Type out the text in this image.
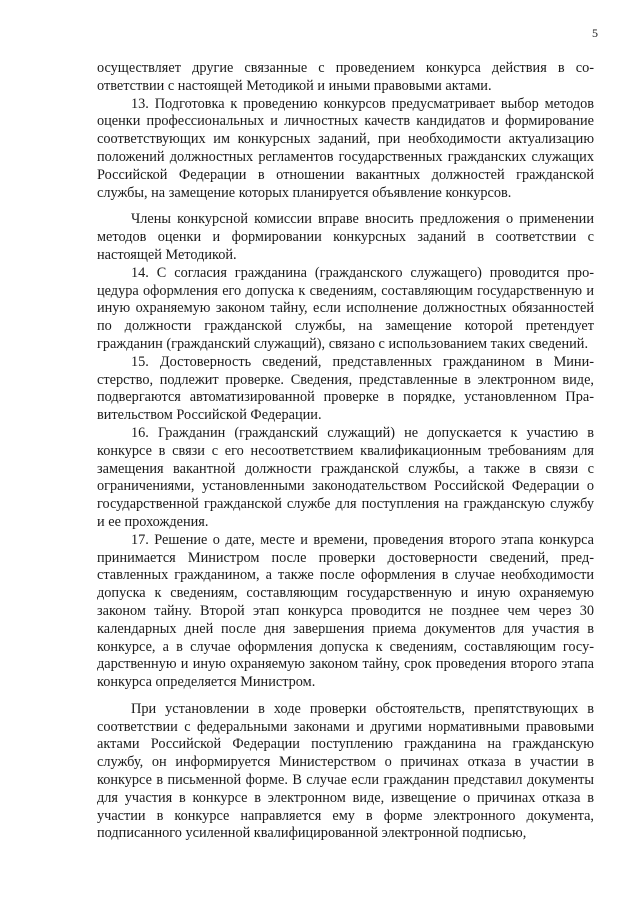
5

осуществляет другие связанные с проведением конкурса действия в соответствии с настоящей Методикой и иными правовыми актами.

13. Подготовка к проведению конкурсов предусматривает выбор методов оценки профессиональных и личностных качеств кандидатов и формирование соответствующих им конкурсных заданий, при необходимости актуализацию положений должностных регламентов государственных гражданских служащих Российской Федерации в отношении вакантных должностей гражданской службы, на замещение которых планируется объявление конкурсов.

Члены конкурсной комиссии вправе вносить предложения о применении методов оценки и формировании конкурсных заданий в соответствии с настоящей Методикой.

14. С согласия гражданина (гражданского служащего) проводится процедура оформления его допуска к сведениям, составляющим государственную и иную охраняемую законом тайну, если исполнение должностных обязанностей по должности гражданской службы, на замещение которой претендует гражданин (гражданский служащий), связано с использованием таких сведений.

15. Достоверность сведений, представленных гражданином в Министерство, подлежит проверке. Сведения, представленные в электронном виде, подвергаются автоматизированной проверке в порядке, установленном Правительством Российской Федерации.

16. Гражданин (гражданский служащий) не допускается к участию в конкурсе в связи с его несоответствием квалификационным требованиям для замещения вакантной должности гражданской службы, а также в связи с ограничениями, установленными законодательством Российской Федерации о государственной гражданской службе для поступления на гражданскую службу и ее прохождения.

17. Решение о дате, месте и времени, проведения второго этапа конкурса принимается Министром после проверки достоверности сведений, представленных гражданином, а также после оформления в случае необходимости допуска к сведениям, составляющим государственную и иную охраняемую законом тайну. Второй этап конкурса проводится не позднее чем через 30 календарных дней после дня завершения приема документов для участия в конкурсе, а в случае оформления допуска к сведениям, составляющим государственную и иную охраняемую законом тайну, срок проведения второго этапа конкурса определяется Министром.

При установлении в ходе проверки обстоятельств, препятствующих в соответствии с федеральными законами и другими нормативными правовыми актами Российской Федерации поступлению гражданина на гражданскую службу, он информируется Министерством о причинах отказа в участии в конкурсе в письменной форме. В случае если гражданин представил документы для участия в конкурсе в электронном виде, извещение о причинах отказа в участии в конкурсе направляется ему в форме электронного документа, подписанного усиленной квалифицированной электронной подписью,
